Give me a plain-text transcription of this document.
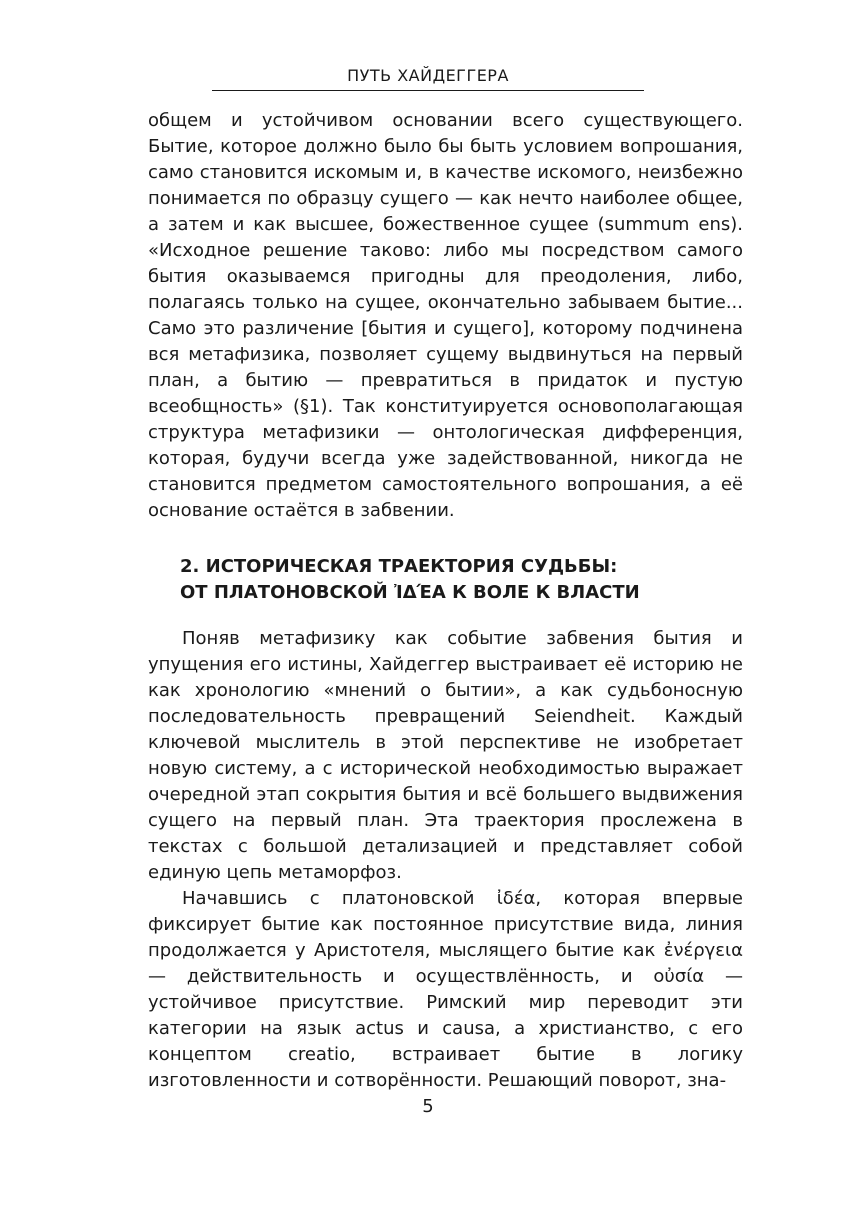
ПУТЬ ХАЙДЕГГЕРА

общем и устойчивом основании всего существующего. Бытие, которое должно было бы быть условием вопрошания, само становится искомым и, в качестве искомого, неизбежно понимается по образцу сущего — как нечто наиболее общее, а затем и как высшее, божественное сущее (summum ens). «Исходное решение таково: либо мы посредством самого бытия оказываемся пригодны для преодоления, либо, полагаясь только на сущее, окончательно забываем бытие... Само это различение [бытия и сущего], которому подчинена вся метафизика, позволяет сущему выдвинуться на первый план, а бытию — превратиться в придаток и пустую всеобщность» (§1). Так конституируется основополагающая структура метафизики — онтологическая дифференция, которая, будучи всегда уже задействованной, никогда не становится предметом самостоятельного вопрошания, а её основание остаётся в забвении.

2. ИСТОРИЧЕСКАЯ ТРАЕКТОРИЯ СУДЬБЫ:
ОТ ПЛАТОНОВСКОЙ ἸΔΈΑ К ВОЛЕ К ВЛАСТИ

Поняв метафизику как событие забвения бытия и упущения его истины, Хайдеггер выстраивает её историю не как хронологию «мнений о бытии», а как судьбоносную последовательность превращений Seiendheit. Каждый ключевой мыслитель в этой перспективе не изобретает новую систему, а с исторической необходимостью выражает очередной этап сокрытия бытия и всё большего выдвижения сущего на первый план. Эта траектория прослежена в текстах с большой детализацией и представляет собой единую цепь метаморфоз.

Начавшись с платоновской ἰδέα, которая впервые фиксирует бытие как постоянное присутствие вида, линия продолжается у Аристотеля, мыслящего бытие как ἐνέργεια — действительность и осуществлённость, и οὐσία — устойчивое присутствие. Римский мир переводит эти категории на язык actus и causa, а христианство, с его концептом creatio, встраивает бытие в логику изготовленности и сотворённости. Решающий поворот, зна-

5
